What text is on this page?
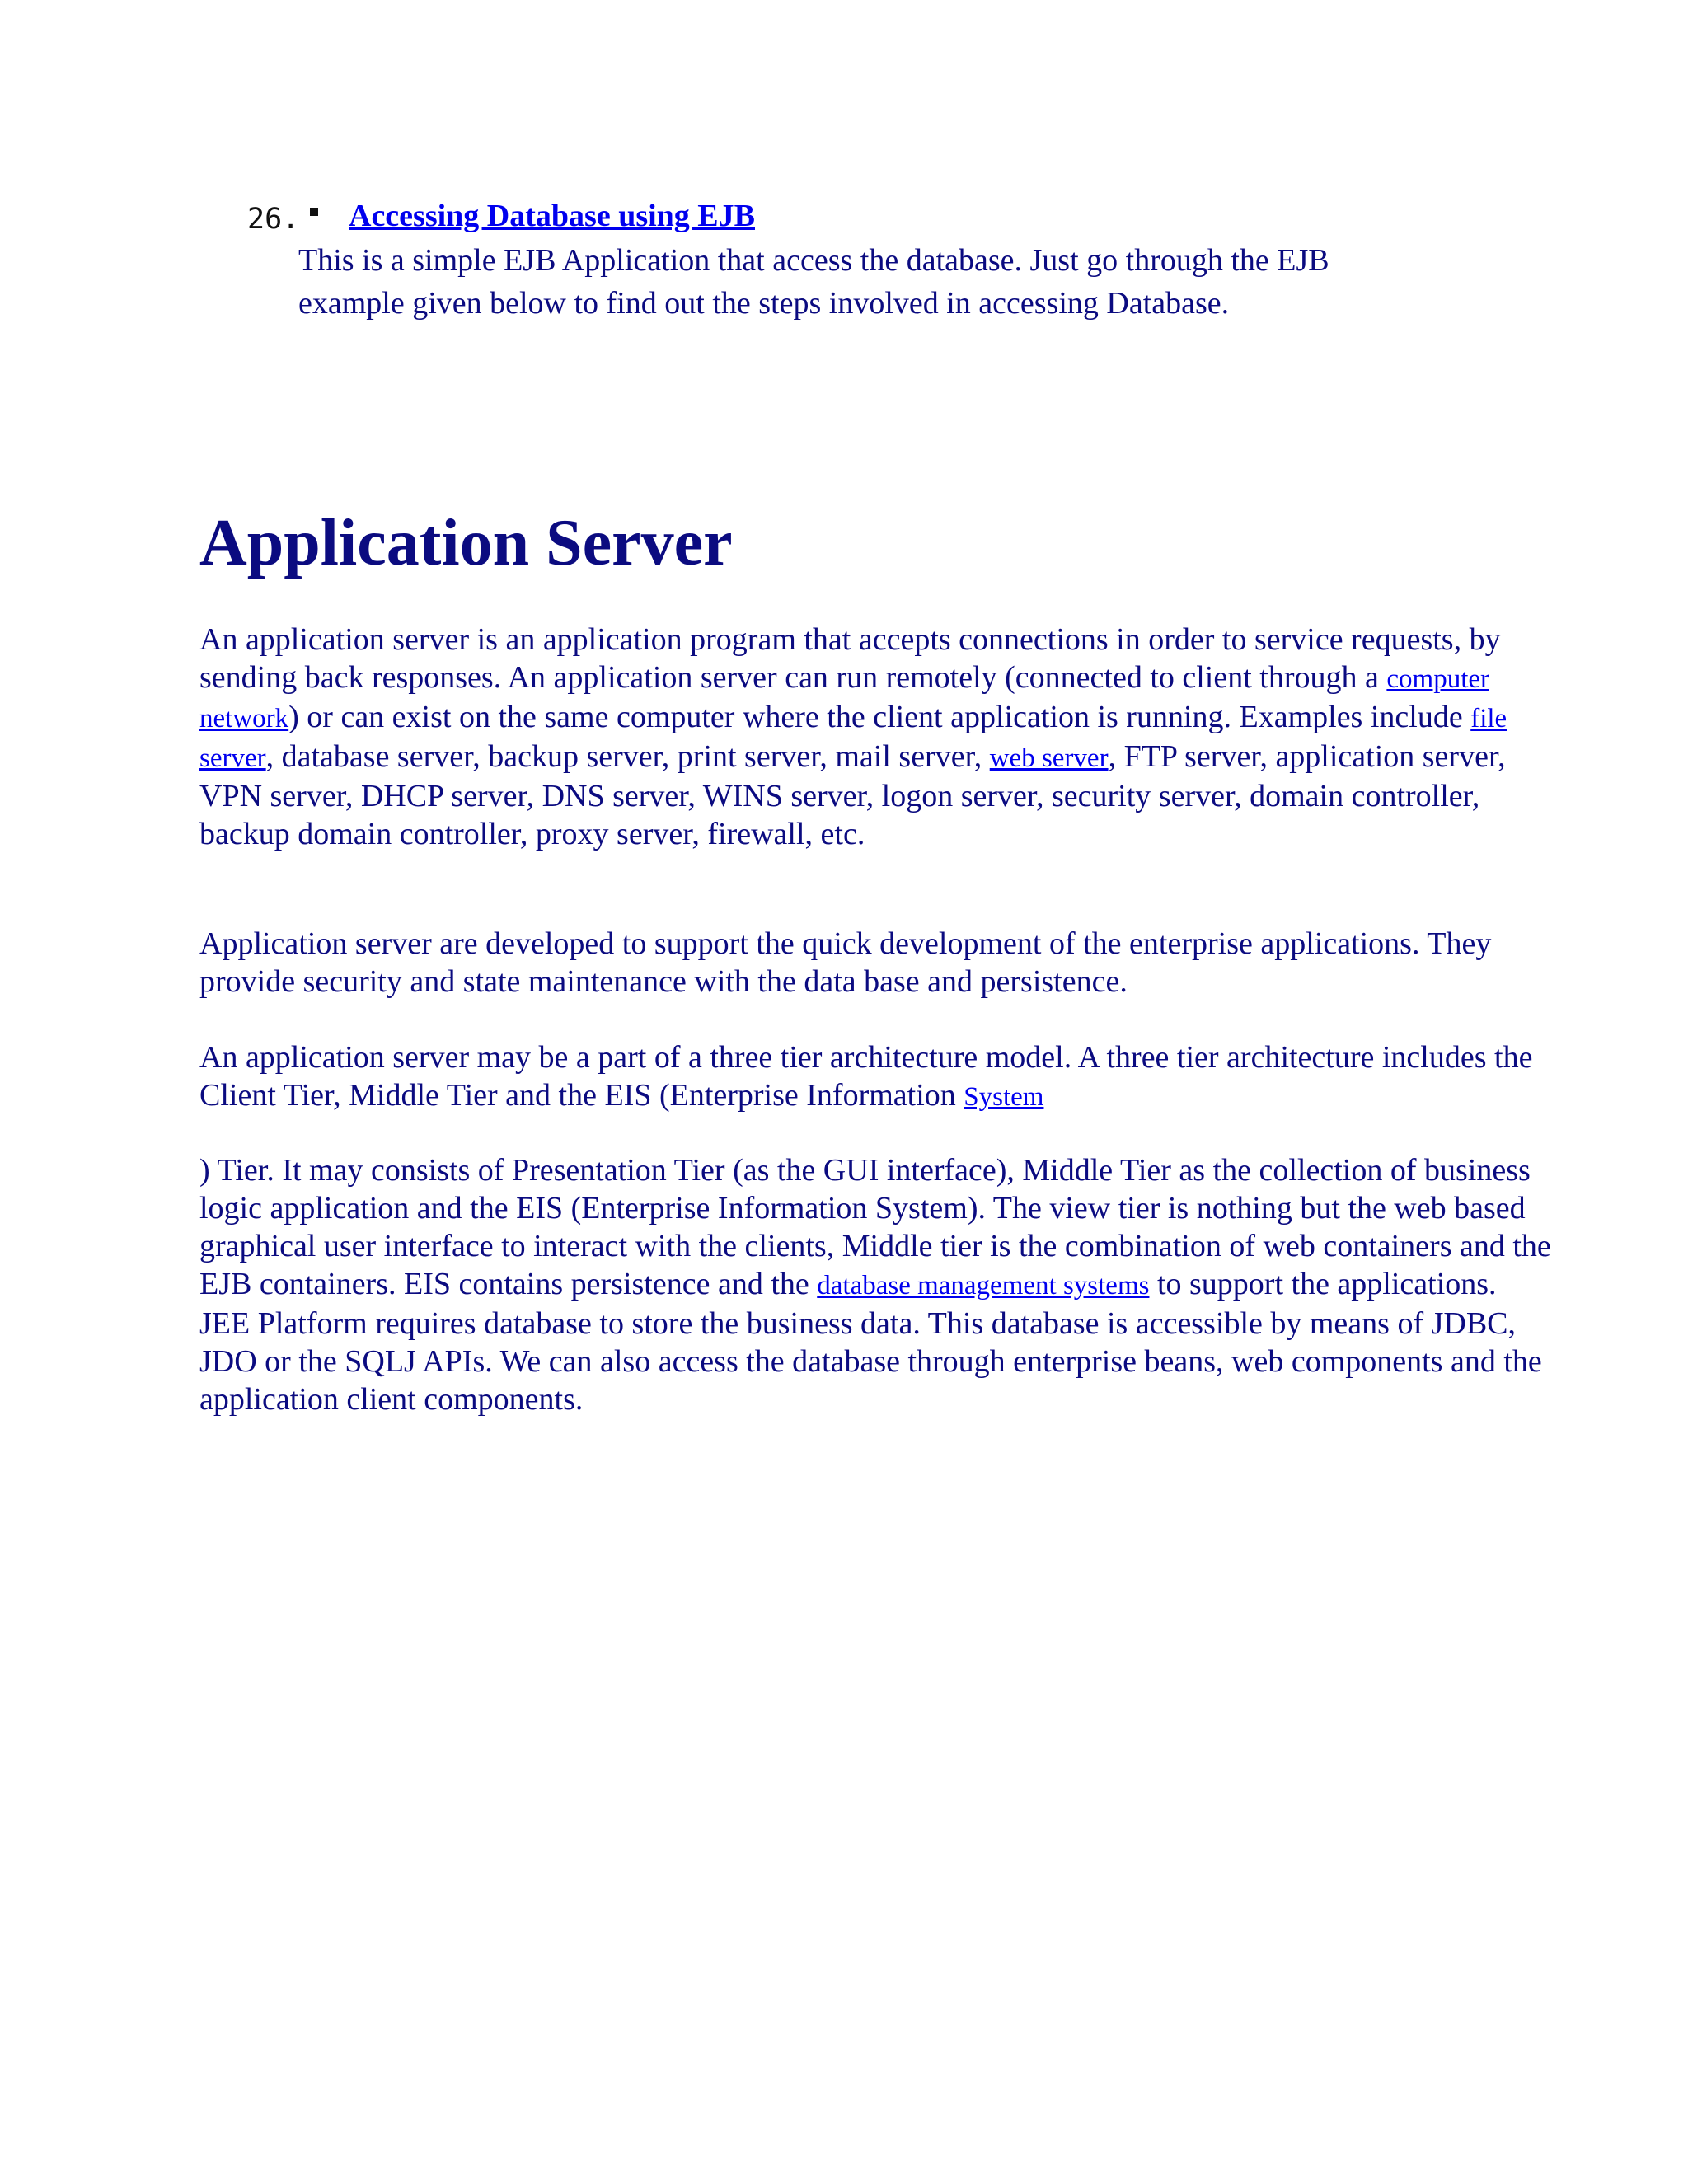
26. Accessing Database using EJB

This is a simple EJB Application that access the database. Just go through the EJB example given below to find out the steps involved in accessing Database.

Application Server

An application server is an application program that accepts connections in order to service requests, by sending back responses. An application server can run remotely (connected to client through a computer network) or can exist on the same computer where the client application is running. Examples include file server, database server, backup server, print server, mail server, web server, FTP server, application server, VPN server, DHCP server, DNS server, WINS server, logon server, security server, domain controller, backup domain controller, proxy server, firewall, etc.

Application server are developed to support the quick development of the enterprise applications. They provide security and state maintenance with the data base and persistence.

An application server may be a part of a three tier architecture model. A three tier architecture includes the Client Tier, Middle Tier and the EIS (Enterprise Information System

) Tier. It may consists of Presentation Tier (as the GUI interface), Middle Tier as the collection of business logic application and the EIS (Enterprise Information System). The view tier is nothing but the web based graphical user interface to interact with the clients, Middle tier is the combination of web containers and the EJB containers. EIS contains persistence and the database management systems to support the applications. JEE Platform requires database to store the business data. This database is accessible by means of JDBC, JDO or the SQLJ APIs. We can also access the database through enterprise beans, web components and the application client components.
